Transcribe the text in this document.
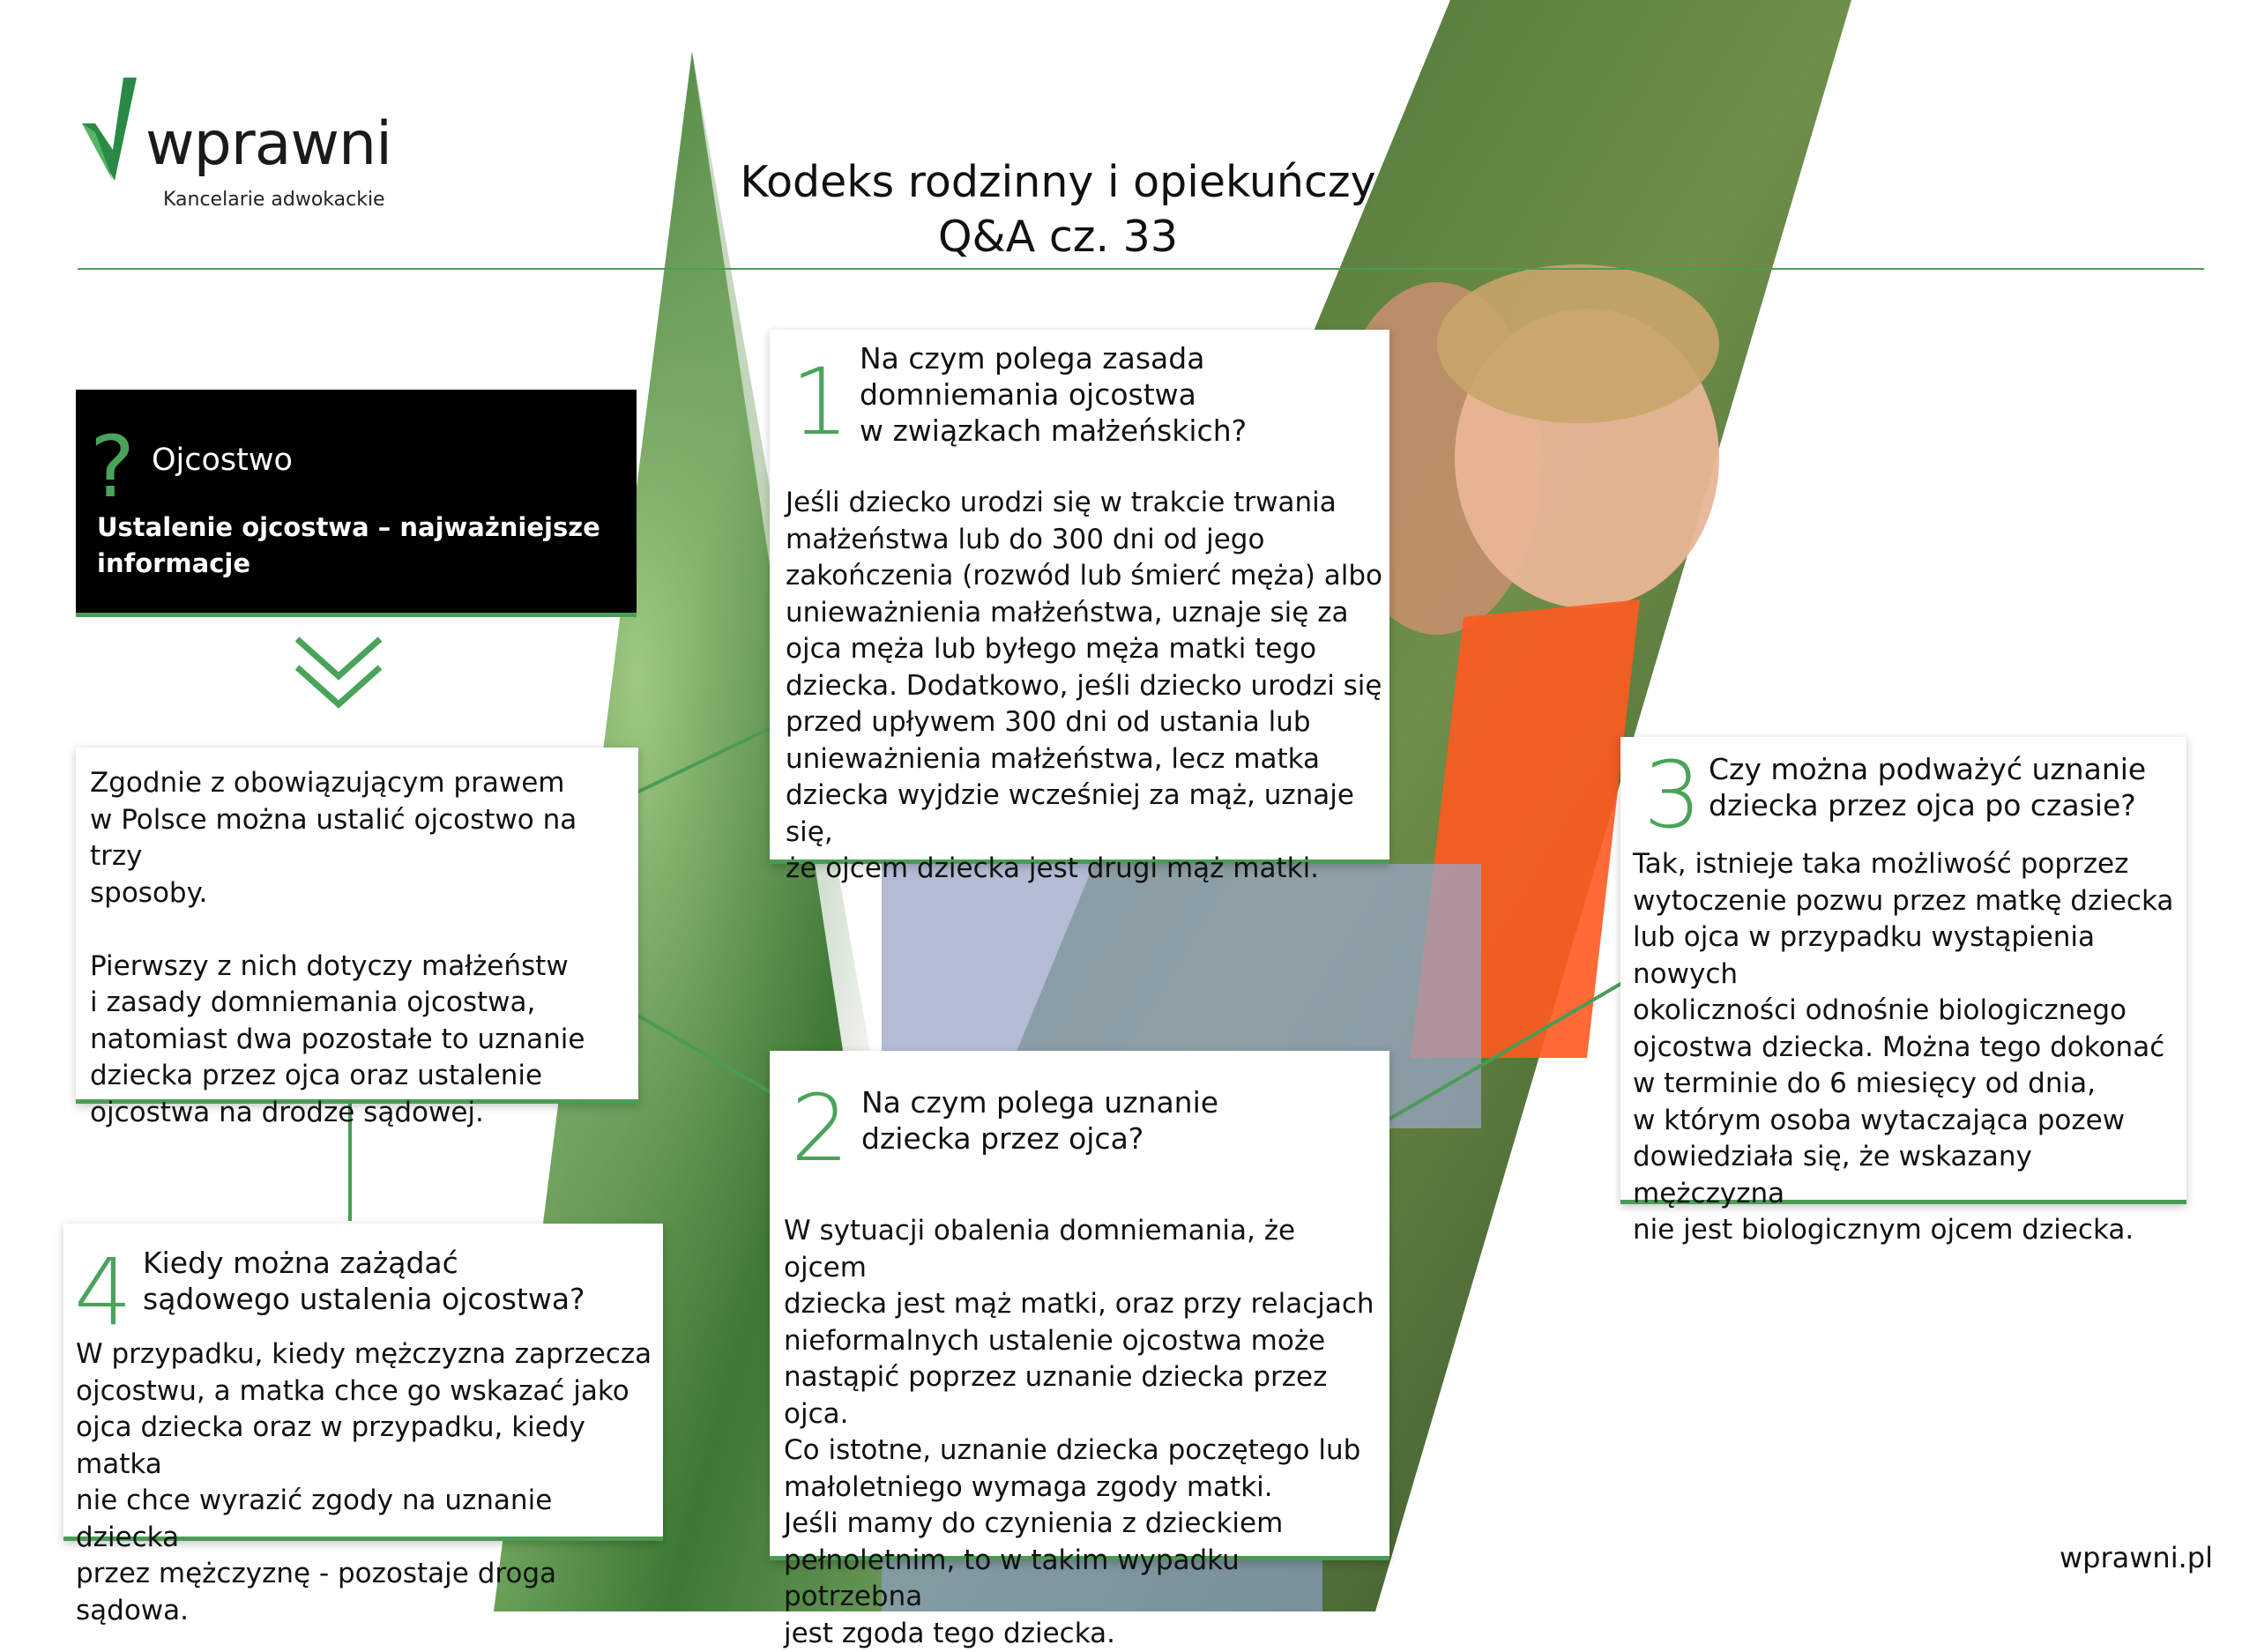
wprawni
Kancelarie adwokackie	Kodeks rodzinny i opiekuńczy
Q&A cz. 33
? Ojcostwo
Ustalenie ojcostwa – najważniejsze
informacje
Zgodnie z obowiązującym prawem
w Polsce można ustalić ojcostwo na trzy
sposoby.

Pierwszy z nich dotyczy małżeństw
i zasady domniemania ojcostwa,
natomiast dwa pozostałe to uznanie
dziecka przez ojca oraz ustalenie
ojcostwa na drodze sądowej.
1 Na czym polega zasada
domniemania ojcostwa
w związkach małżeńskich?
Jeśli dziecko urodzi się w trakcie trwania
małżeństwa lub do 300 dni od jego
zakończenia (rozwód lub śmierć męża) albo
unieważnienia małżeństwa, uznaje się za
ojca męża lub byłego męża matki tego
dziecka. Dodatkowo, jeśli dziecko urodzi się
przed upływem 300 dni od ustania lub
unieważnienia małżeństwa, lecz matka
dziecka wyjdzie wcześniej za mąż, uznaje się,
że ojcem dziecka jest drugi mąż matki.
2 Na czym polega uznanie
dziecka przez ojca?
W sytuacji obalenia domniemania, że ojcem
dziecka jest mąż matki, oraz przy relacjach
nieformalnych ustalenie ojcostwa może
nastąpić poprzez uznanie dziecka przez ojca.
Co istotne, uznanie dziecka poczętego lub
małoletniego wymaga zgody matki.
Jeśli mamy do czynienia z dzieckiem
pełnoletnim, to w takim wypadku potrzebna
jest zgoda tego dziecka.
3 Czy można podważyć uznanie
dziecka przez ojca po czasie?
Tak, istnieje taka możliwość poprzez
wytoczenie pozwu przez matkę dziecka
lub ojca w przypadku wystąpienia nowych
okoliczności odnośnie biologicznego
ojcostwa dziecka. Można tego dokonać
w terminie do 6 miesięcy od dnia,
w którym osoba wytaczająca pozew
dowiedziała się, że wskazany mężczyzna
nie jest biologicznym ojcem dziecka.
4 Kiedy można zażądać
sądowego ustalenia ojcostwa?
W przypadku, kiedy mężczyzna zaprzecza
ojcostwu, a matka chce go wskazać jako
ojca dziecka oraz w przypadku, kiedy matka
nie chce wyrazić zgody na uznanie dziecka
przez mężczyznę - pozostaje droga sądowa.
wprawni.pl
